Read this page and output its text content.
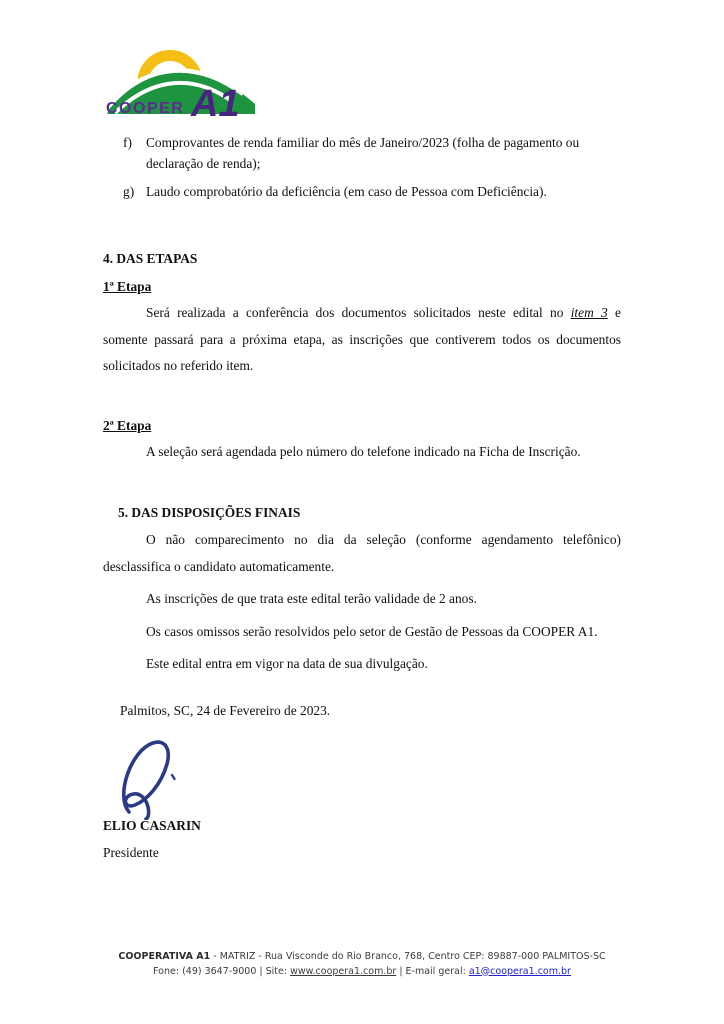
COOPER A1
f)	Comprovantes de renda familiar do mês de Janeiro/2023 (folha de pagamento ou declaração de renda);
g) Laudo comprobatório da deficiência (em caso de Pessoa com Deficiência).
4. DAS ETAPAS
1ª Etapa

Será realizada a conferência dos documentos solicitados neste edital no item 3 e somente passará para a próxima etapa, as inscrições que contiverem todos os documentos solicitados no referido item.

2ª Etapa

A seleção será agendada pelo número do telefone indicado na Ficha de Inscrição.

5. DAS DISPOSIÇÕES FINAIS

O não comparecimento no dia da seleção (conforme agendamento telefônico) desclassifica o candidato automaticamente.

As inscrições de que trata este edital terão validade de 2 anos.

Os casos omissos serão resolvidos pelo setor de Gestão de Pessoas da COOPER A1.

Este edital entra em vigor na data de sua divulgação.

Palmitos, SC, 24 de Fevereiro de 2023.
ELIO CASARIN
Presidente
COOPERATIVA A1 - MATRIZ - Rua Visconde do Rio Branco, 768, Centro CEP: 89887-000 PALMITOS-SC
Fone: (49) 3647-9000 | Site: www.coopera1.com.br | E-mail geral: a1@coopera1.com.br
